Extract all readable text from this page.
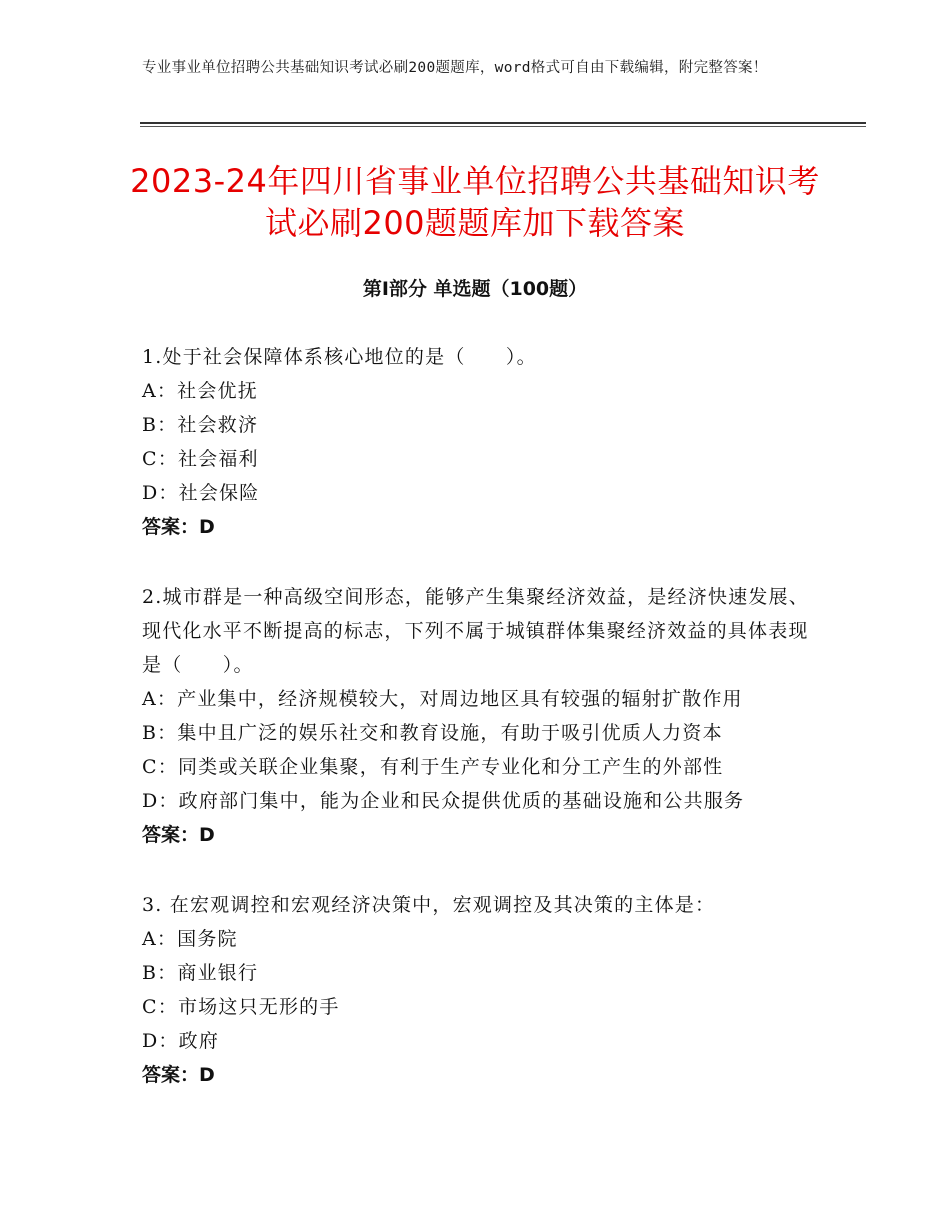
专业事业单位招聘公共基础知识考试必刷200题题库，word格式可自由下载编辑，附完整答案！
2023-24年四川省事业单位招聘公共基础知识考试必刷200题题库加下载答案
第Ⅰ部分 单选题（100题）

1.处于社会保障体系核心地位的是（　　）。

A：社会优抚

B：社会救济

C：社会福利

D：社会保险

答案：D

2.城市群是一种高级空间形态，能够产生集聚经济效益，是经济快速发展、现代化水平不断提高的标志，下列不属于城镇群体集聚经济效益的具体表现是（　　）。

A：产业集中，经济规模较大，对周边地区具有较强的辐射扩散作用

B：集中且广泛的娱乐社交和教育设施，有助于吸引优质人力资本

C：同类或关联企业集聚，有利于生产专业化和分工产生的外部性

D：政府部门集中，能为企业和民众提供优质的基础设施和公共服务

答案：D

3. 在宏观调控和宏观经济决策中，宏观调控及其决策的主体是：

A：国务院

B：商业银行

C：市场这只无形的手

D：政府

答案：D
